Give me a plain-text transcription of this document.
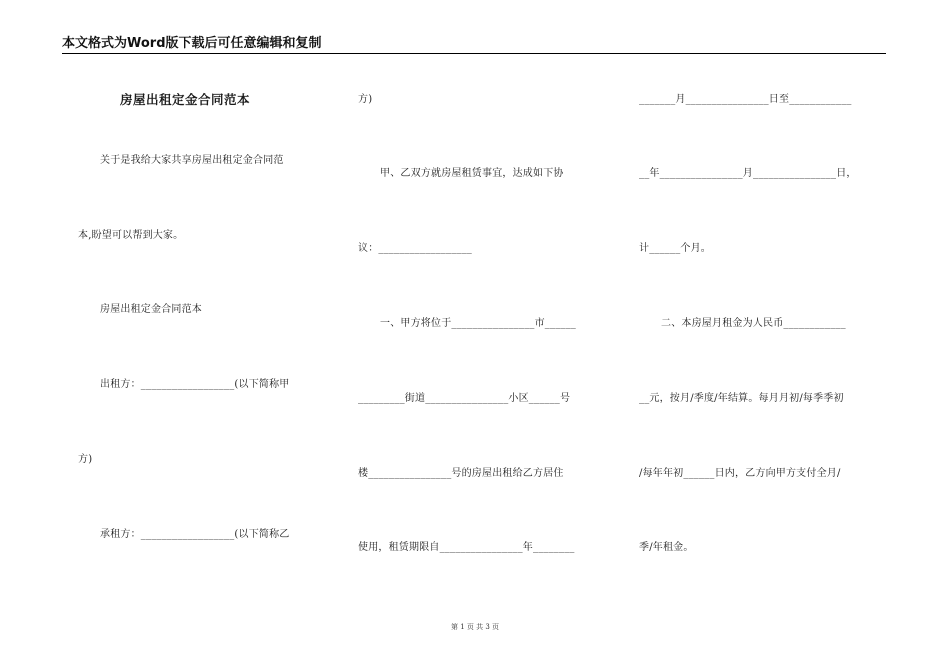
本文格式为Word版下载后可任意编辑和复制
房屋出租定金合同范本
关于是我给大家共享房屋出租定金合同范
本,盼望可以帮到大家。
房屋出租定金合同范本
出租方：__________________(以下简称甲
方)
承租方：__________________(以下简称乙
方)
甲、乙双方就房屋租赁事宜，达成如下协
议：__________________
一、甲方将位于________________市______
_________街道________________小区______号
楼________________号的房屋出租给乙方居住
使用，租赁期限自________________年________
_______月________________日至____________
__年________________月________________日，
计______个月。
二、本房屋月租金为人民币____________
__元，按月/季度/年结算。每月月初/每季季初
/每年年初______日内，乙方向甲方支付全月/
季/年租金。
第 1 页 共 3 页
